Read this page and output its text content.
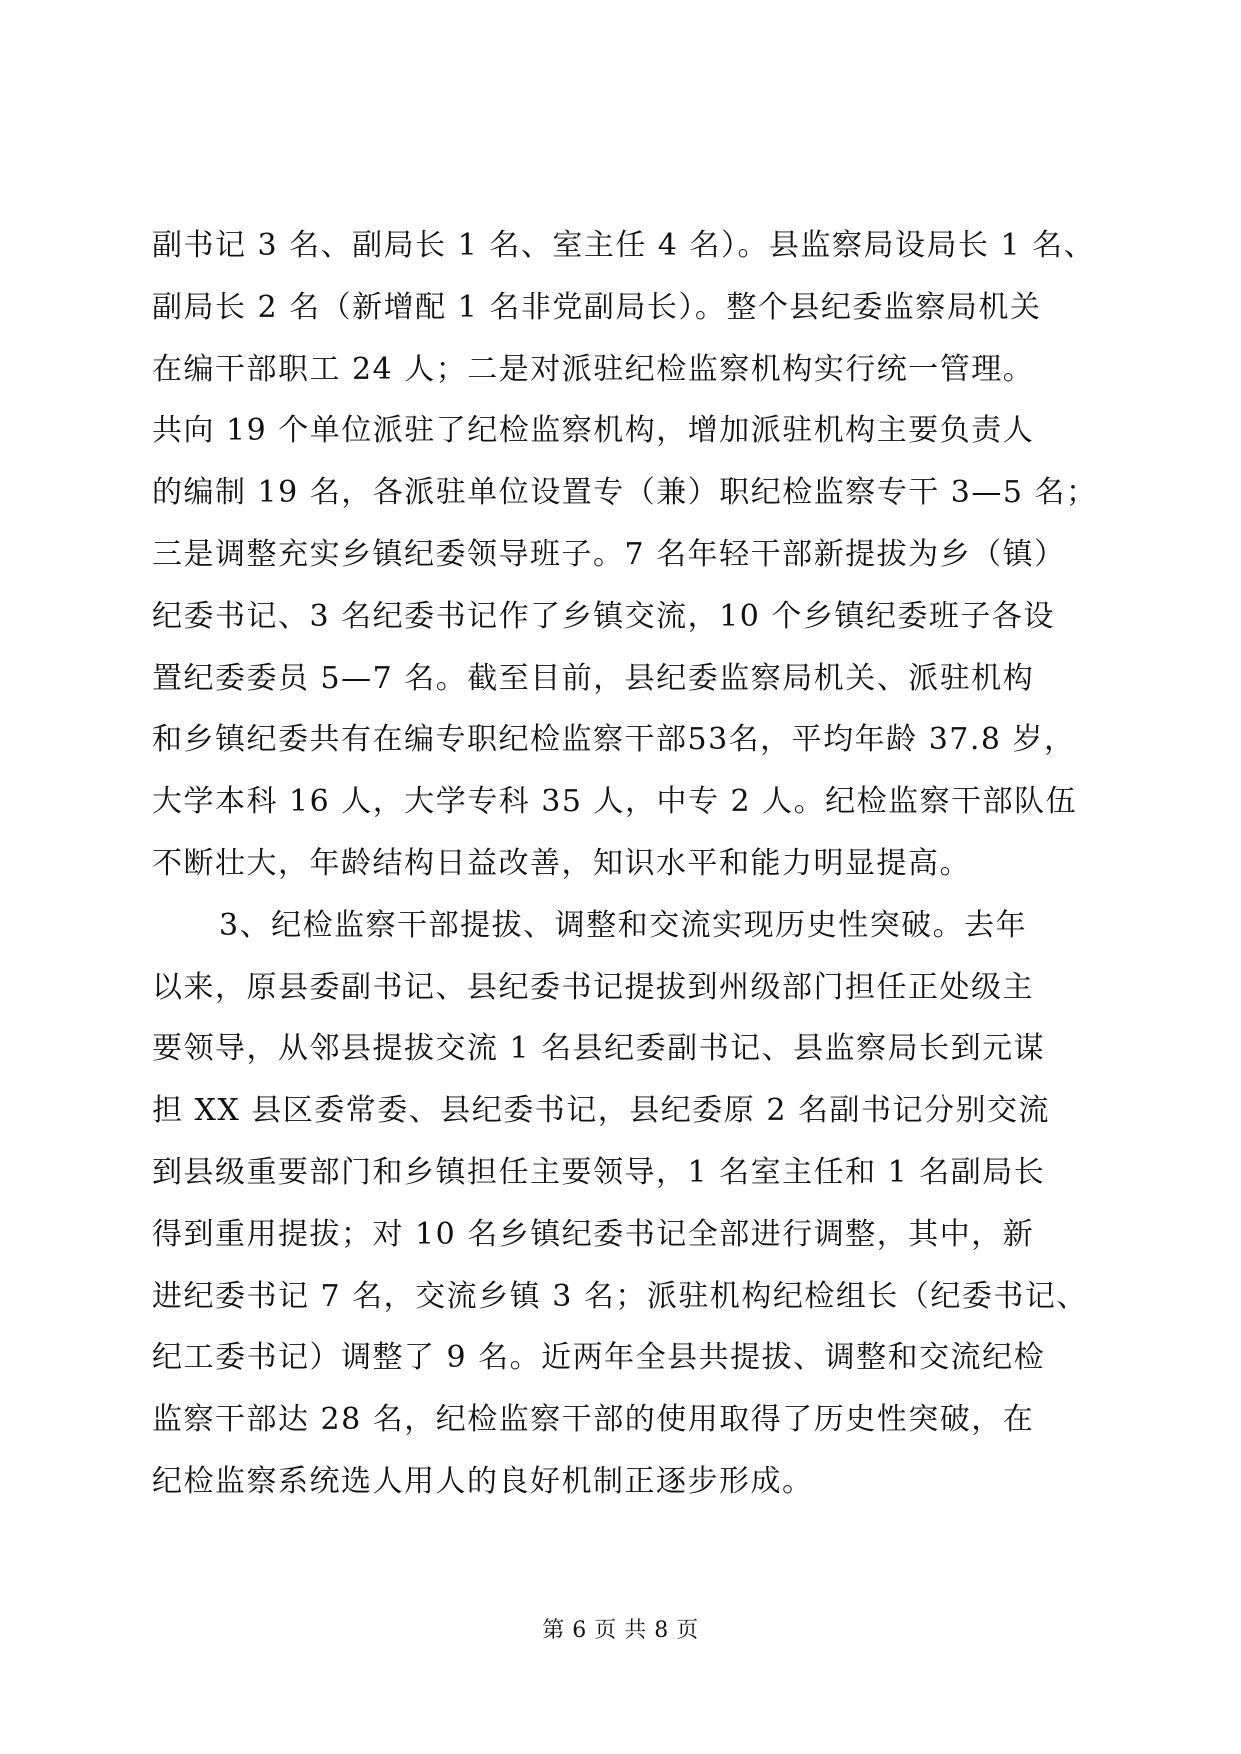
副书记 3 名、副局长 1 名、室主任 4 名）。县监察局设局长 1 名、
副局长 2 名（新增配 1 名非党副局长）。整个县纪委监察局机关
在编干部职工 24 人；二是对派驻纪检监察机构实行统一管理。
共向 19 个单位派驻了纪检监察机构，增加派驻机构主要负责人
的编制 19 名，各派驻单位设置专（兼）职纪检监察专干 3—5 名；
三是调整充实乡镇纪委领导班子。7 名年轻干部新提拔为乡（镇）
纪委书记、3 名纪委书记作了乡镇交流，10 个乡镇纪委班子各设
置纪委委员 5—7 名。截至目前，县纪委监察局机关、派驻机构
和乡镇纪委共有在编专职纪检监察干部53名，平均年龄 37.8 岁，
大学本科 16 人，大学专科 35 人，中专 2 人。纪检监察干部队伍
不断壮大，年龄结构日益改善，知识水平和能力明显提高。
3、纪检监察干部提拔、调整和交流实现历史性突破。去年
以来，原县委副书记、县纪委书记提拔到州级部门担任正处级主
要领导，从邻县提拔交流 1 名县纪委副书记、县监察局长到元谋
担 XX 县区委常委、县纪委书记，县纪委原 2 名副书记分别交流
到县级重要部门和乡镇担任主要领导，1 名室主任和 1 名副局长
得到重用提拔；对 10 名乡镇纪委书记全部进行调整，其中，新
进纪委书记 7 名，交流乡镇 3 名；派驻机构纪检组长（纪委书记、
纪工委书记）调整了 9 名。近两年全县共提拔、调整和交流纪检
监察干部达 28 名，纪检监察干部的使用取得了历史性突破，在
纪检监察系统选人用人的良好机制正逐步形成。
第 6 页 共 8 页
